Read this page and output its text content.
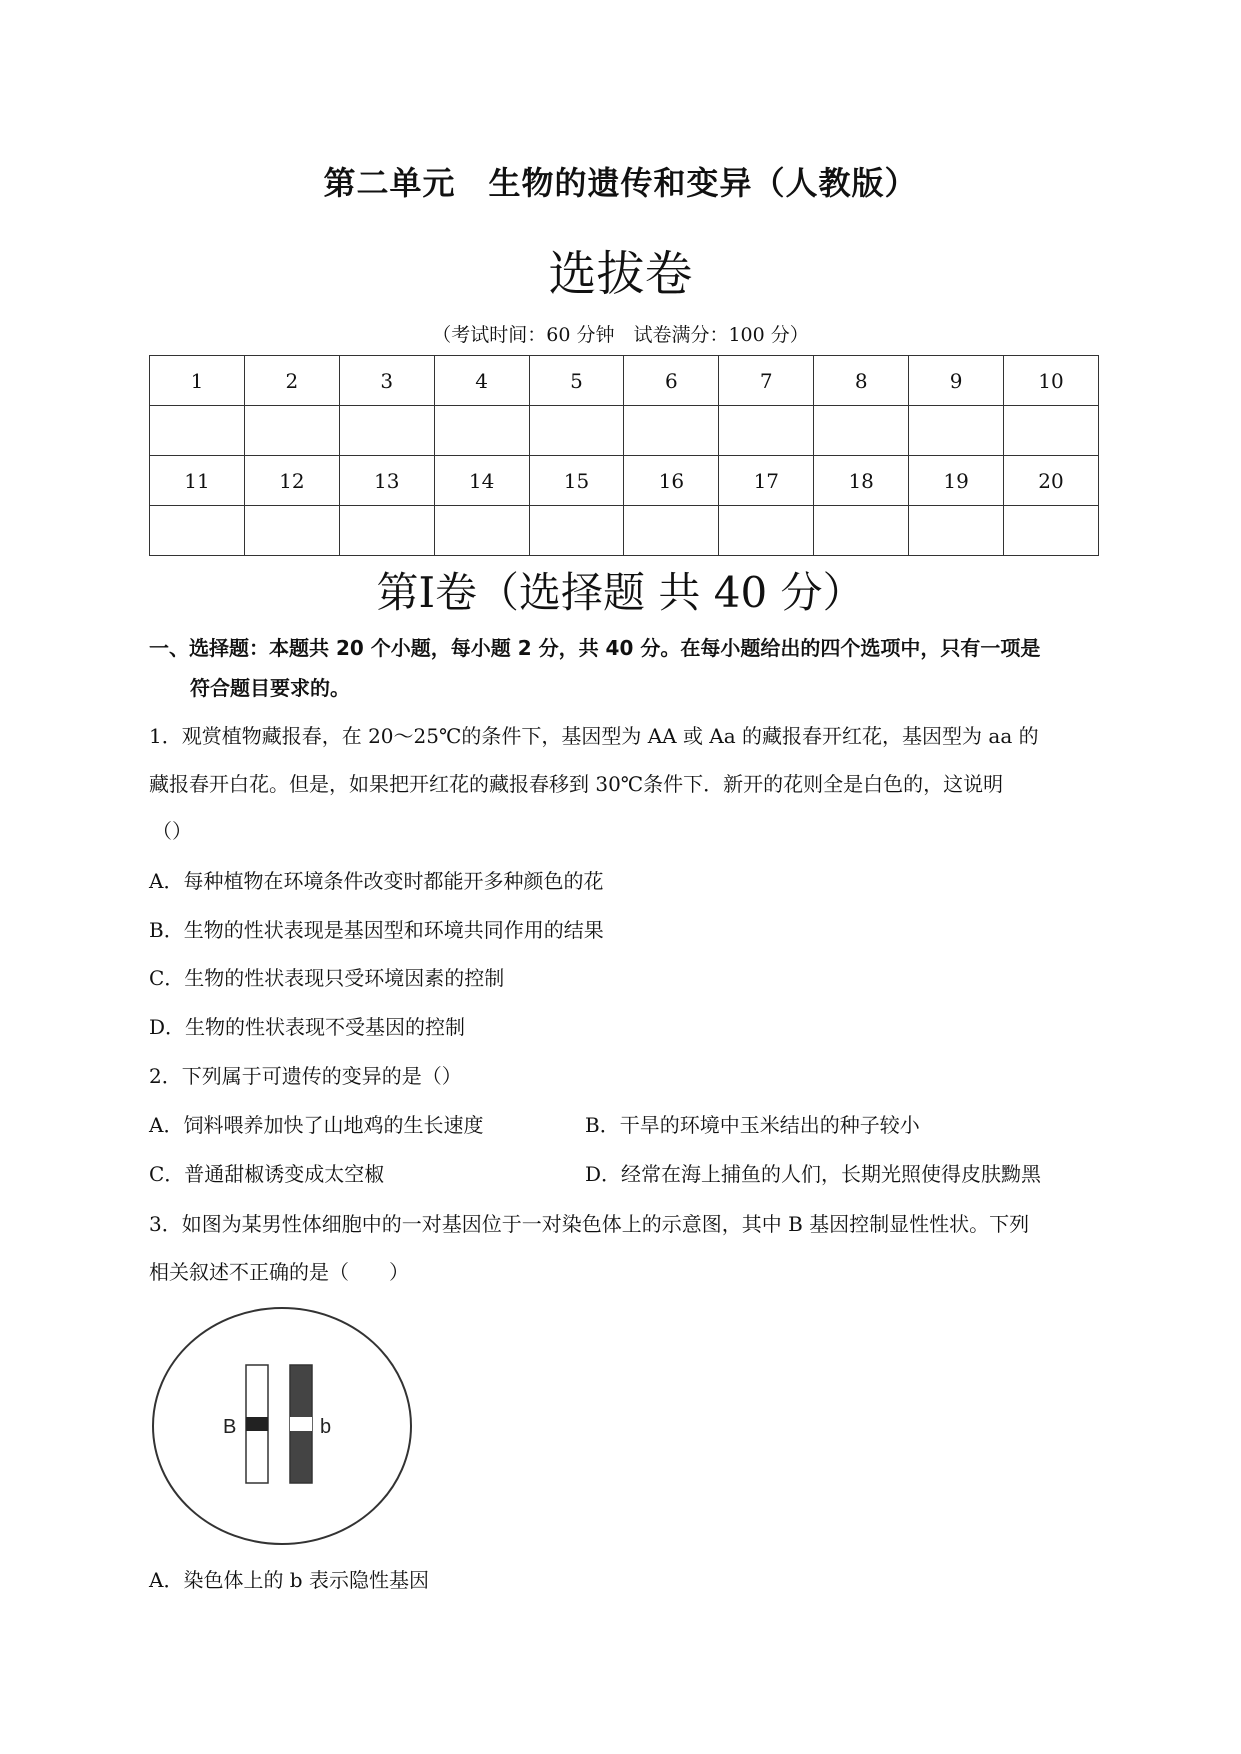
第二单元　生物的遗传和变异（人教版）
选拔卷
（考试时间：60 分钟　试卷满分：100 分）
1	2	3	4	5	6	7	8	9	10

11	12	13	14	15	16	17	18	19	20

第I卷（选择题 共 40 分）
一、选择题：本题共 20 个小题，每小题 2 分，共 40 分。在每小题给出的四个选项中，只有一项是
符合题目要求的。
1．观赏植物藏报春，在 20～25℃的条件下，基因型为 AA 或 Aa 的藏报春开红花，基因型为 aa 的
藏报春开白花。但是，如果把开红花的藏报春移到 30℃条件下．新开的花则全是白色的，这说明
（）
A．每种植物在环境条件改变时都能开多种颜色的花
B．生物的性状表现是基因型和环境共同作用的结果
C．生物的性状表现只受环境因素的控制
D．生物的性状表现不受基因的控制
2．下列属于可遗传的变异的是（）
A．饲料喂养加快了山地鸡的生长速度	B．干旱的环境中玉米结出的种子较小
C．普通甜椒诱变成太空椒	D．经常在海上捕鱼的人们，长期光照使得皮肤黝黑
3．如图为某男性体细胞中的一对基因位于一对染色体上的示意图，其中 B 基因控制显性性状。下列
相关叙述不正确的是（　　）
B	b
A．染色体上的 b 表示隐性基因
